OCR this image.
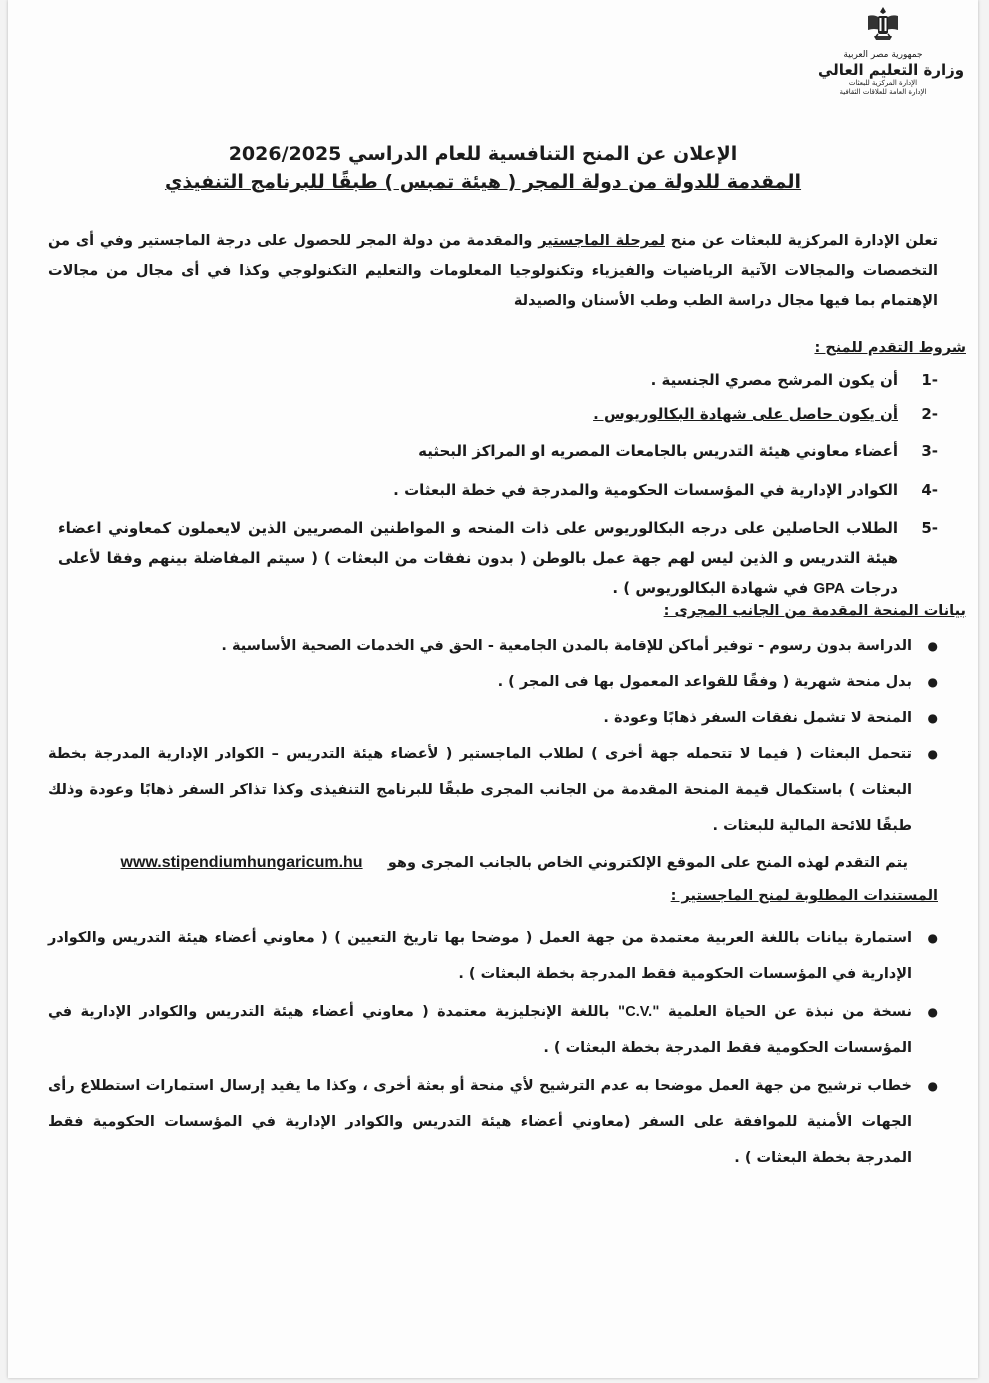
جمهورية مصر العربية
وزارة التعليم العالي
الإدارة المركزية للبعثات
الإدارة العامة للعلاقات الثقافية
الإعلان عن المنح التنافسية للعام الدراسي 2026/2025
المقدمة للدولة من دولة المجر ( هيئة تمبس ) طبقًا للبرنامج التنفيذي
تعلن الإدارة المركزية للبعثات عن منح لمرحلة الماجستير والمقدمة من دولة المجر للحصول على درجة الماجستير وفي أى من التخصصات والمجالات الآتية الرياضيات والفيزياء وتكنولوجيا المعلومات والتعليم التكنولوجي وكذا في أى مجال من مجالات الإهتمام بما فيها مجال دراسة الطب وطب الأسنان والصيدلة
شروط التقدم للمنح :
-1
أن يكون المرشح مصري الجنسية .
-2
أن يكون حاصل على شهادة البكالوريوس .
-3
أعضاء معاوني هيئة التدريس بالجامعات المصريه او المراكز البحثيه
-4
الكوادر الإدارية في المؤسسات الحكومية والمدرجة في خطة البعثات .
-5
الطلاب الحاصلين على درجه البكالوريوس على ذات المنحه و المواطنين المصريين الذين لايعملون كمعاوني اعضاء هيئة التدريس و الذين ليس لهم جهة عمل بالوطن ( بدون نفقات من البعثات ) ( سيتم المفاضلة بينهم وفقا لأعلى درجات GPA في شهادة البكالوريوس ) .
بيانات المنحة المقدمة من الجانب المجرى :
●
الدراسة بدون رسوم - توفير أماكن للإقامة بالمدن الجامعية - الحق في الخدمات الصحية الأساسية .
●
بدل منحة شهرية ( وفقًا للقواعد المعمول بها فى المجر ) .
●
المنحة لا تشمل نفقات السفر ذهابًا وعودة .
●
تتحمل البعثات ( فيما لا تتحمله جهة أخرى ) لطلاب الماجستير ( لأعضاء هيئة التدريس – الكوادر الإدارية المدرجة بخطة البعثات ) باستكمال قيمة المنحة المقدمة من الجانب المجرى طبقًا للبرنامج التنفيذى وكذا تذاكر السفر ذهابًا وعودة وذلك طبقًا للائحة المالية للبعثات .
يتم التقدم لهذه المنح على الموقع الإلكتروني الخاص بالجانب المجرى وهو     www.stipendiumhungaricum.hu
المستندات المطلوبة لمنح الماجستير :
●
استمارة بيانات باللغة العربية معتمدة من جهة العمل ( موضحا بها تاريخ التعيين ) ( معاوني أعضاء هيئة التدريس والكوادر الإدارية في المؤسسات الحكومية فقط المدرجة بخطة البعثات ) .
●
نسخة من نبذة عن الحياة العلمية "C.V." باللغة الإنجليزية معتمدة ( معاوني أعضاء هيئة التدريس والكوادر الإدارية في المؤسسات الحكومية فقط المدرجة بخطة البعثات ) .
●
خطاب ترشيح من جهة العمل موضحا به عدم الترشيح لأي منحة أو بعثة أخرى ، وكذا ما يفيد إرسال استمارات استطلاع رأى الجهات الأمنية للموافقة على السفر (معاوني أعضاء هيئة التدريس والكوادر الإدارية في المؤسسات الحكومية فقط المدرجة بخطة البعثات ) .
